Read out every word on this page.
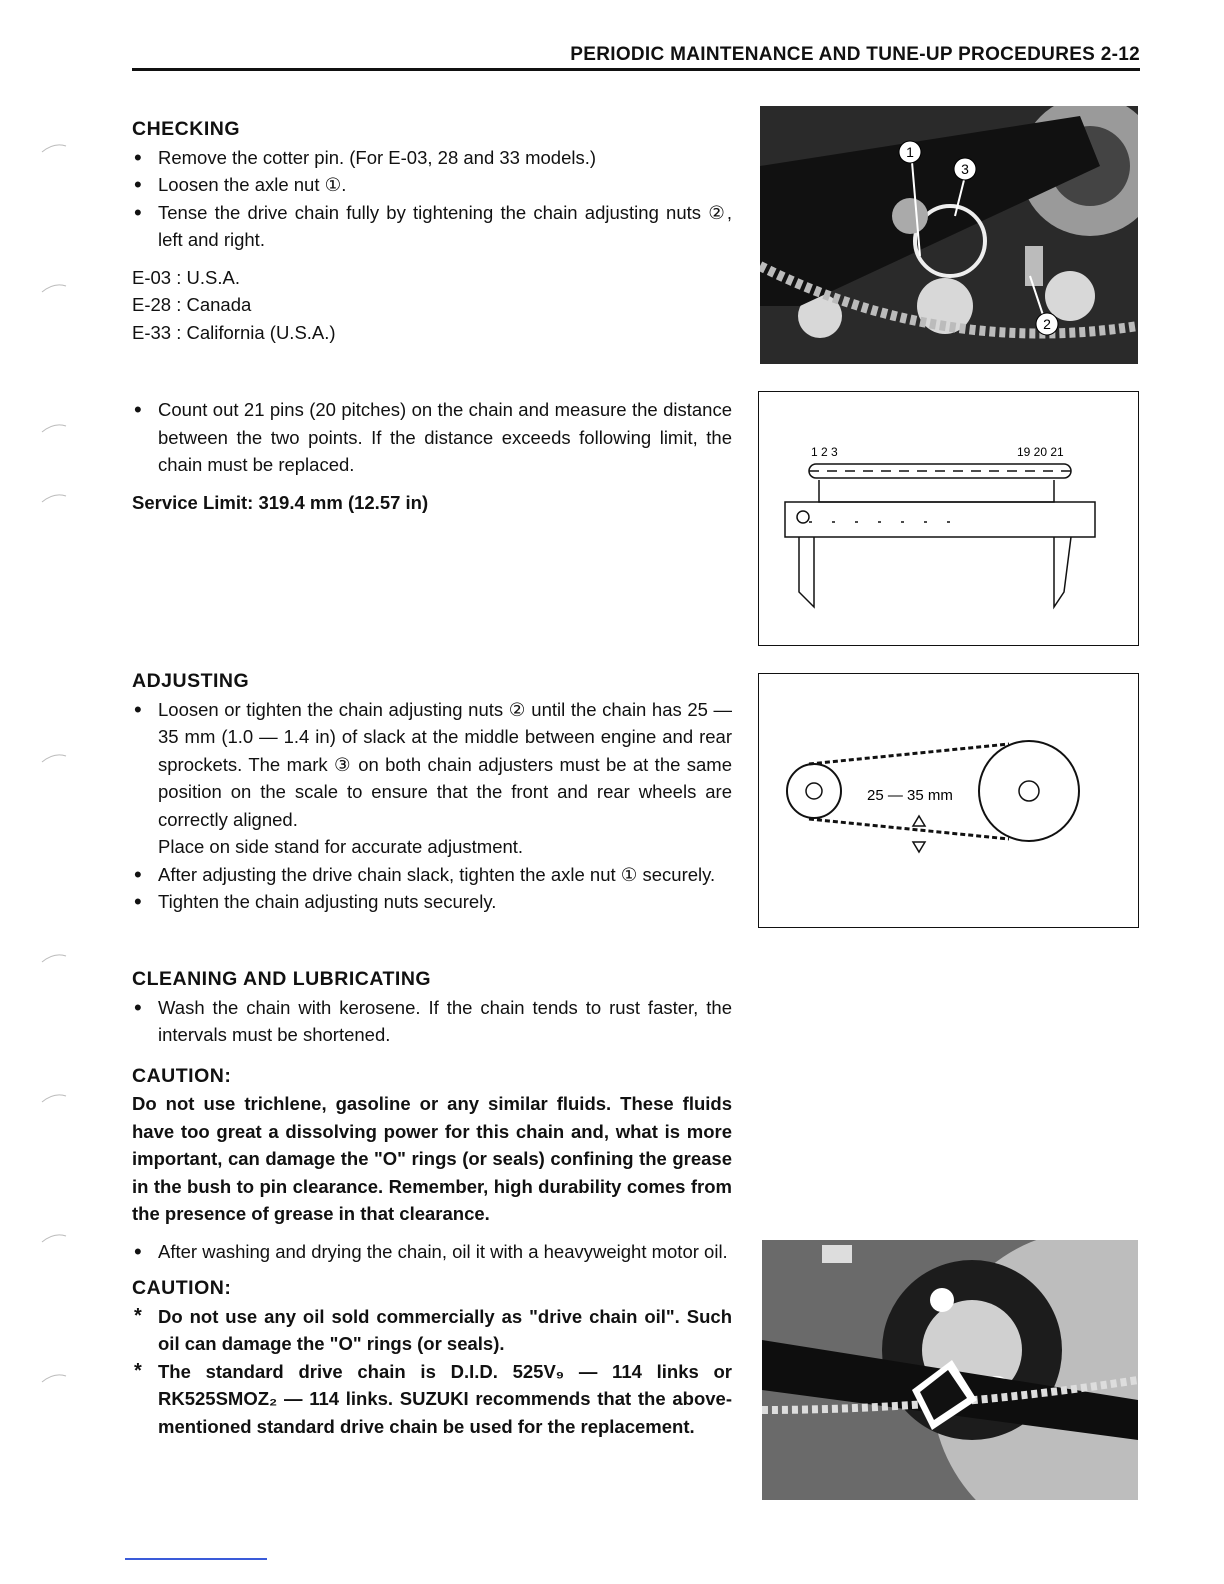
PERIODIC MAINTENANCE AND TUNE-UP PROCEDURES 2-12
CHECKING
• Remove the cotter pin. (For E-03, 28 and 33 models.)
• Loosen the axle nut ①.
• Tense the drive chain fully by tightening the chain adjusting nuts ②, left and right.

E-03 : U.S.A.

E-28 : Canada

E-33 : California (U.S.A.)

• Count out 21 pins (20 pitches) on the chain and measure the distance between the two points. If the distance exceeds following limit, the chain must be replaced.

Service Limit: 319.4 mm (12.57 in)

ADJUSTING
• Loosen or tighten the chain adjusting nuts ② until the chain has 25 — 35 mm (1.0 — 1.4 in) of slack at the middle between engine and rear sprockets. The mark ③ on both chain adjusters must be at the same position on the scale to ensure that the front and rear wheels are correctly aligned.
Place on side stand for accurate adjustment.
• After adjusting the drive chain slack, tighten the axle nut ① securely.
• Tighten the chain adjusting nuts securely.
CLEANING AND LUBRICATING
• Wash the chain with kerosene. If the chain tends to rust faster, the intervals must be shortened.
CAUTION:

Do not use trichlene, gasoline or any similar fluids. These fluids have too great a dissolving power for this chain and, what is more important, can damage the "O" rings (or seals) confining the grease in the bush to pin clearance. Remember, high durability comes from the presence of grease in that clearance.

• After washing and drying the chain, oil it with a heavyweight motor oil.
CAUTION:
* Do not use any oil sold commercially as "drive chain oil". Such oil can damage the "O" rings (or seals).
* The standard drive chain is D.I.D. 525V₉ — 114 links or RK525SMOZ₂ — 114 links. SUZUKI recommends that the above-mentioned standard drive chain be used for the replacement.
1
3
2
1 2 3	19 20 21
25 — 35 mm
